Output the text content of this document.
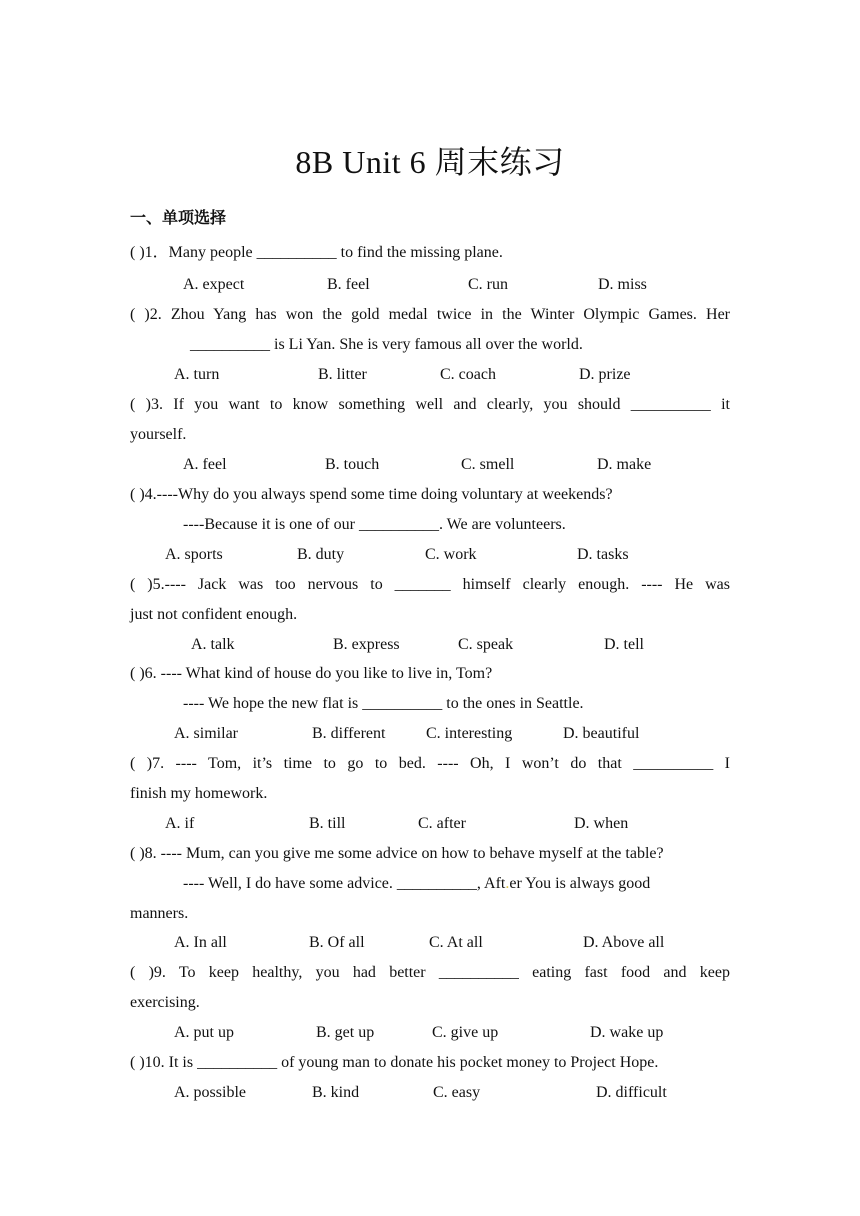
8B Unit 6 周末练习
一、单项选择
( )1．Many people __________ to find the missing plane.
A. expect	B. feel	C. run	D. miss
( )2. Zhou Yang has won the gold medal twice in the Winter Olympic Games. Her
__________ is Li Yan. She is very famous all over the world.
A. turn	B. litter	C. coach	D. prize
( )3. If you want to know something well and clearly, you should __________ it
yourself.
A. feel	B. touch	C. smell	D. make
( )4.----Why do you always spend some time doing voluntary at weekends?
----Because it is one of our __________. We are volunteers.
A. sports	B. duty	C. work	D. tasks
( )5.---- Jack was too nervous to _______ himself clearly enough. ---- He was
just not confident enough.
A. talk	B. express	C. speak	D. tell
( )6. ---- What kind of house do you like to live in, Tom?
---- We hope the new flat is __________ to the ones in Seattle.
A. similar	B. different	C. interesting	D. beautiful
( )7. ---- Tom, it’s time to go to bed. ---- Oh, I won’t do that __________ I
finish my homework.
A. if	B. till	C. after	D. when
( )8. ---- Mum, can you give me some advice on how to behave myself at the table?
---- Well, I do have some advice. __________, Aft.er You is always good
manners.
A. In all	B. Of all	C. At all	D. Above all
( )9. To keep healthy, you had better __________ eating fast food and keep
exercising.
A. put up	B. get up	C. give up	D. wake up
( )10. It is __________ of young man to donate his pocket money to Project Hope.
A. possible	B. kind	C. easy	D. difficult
